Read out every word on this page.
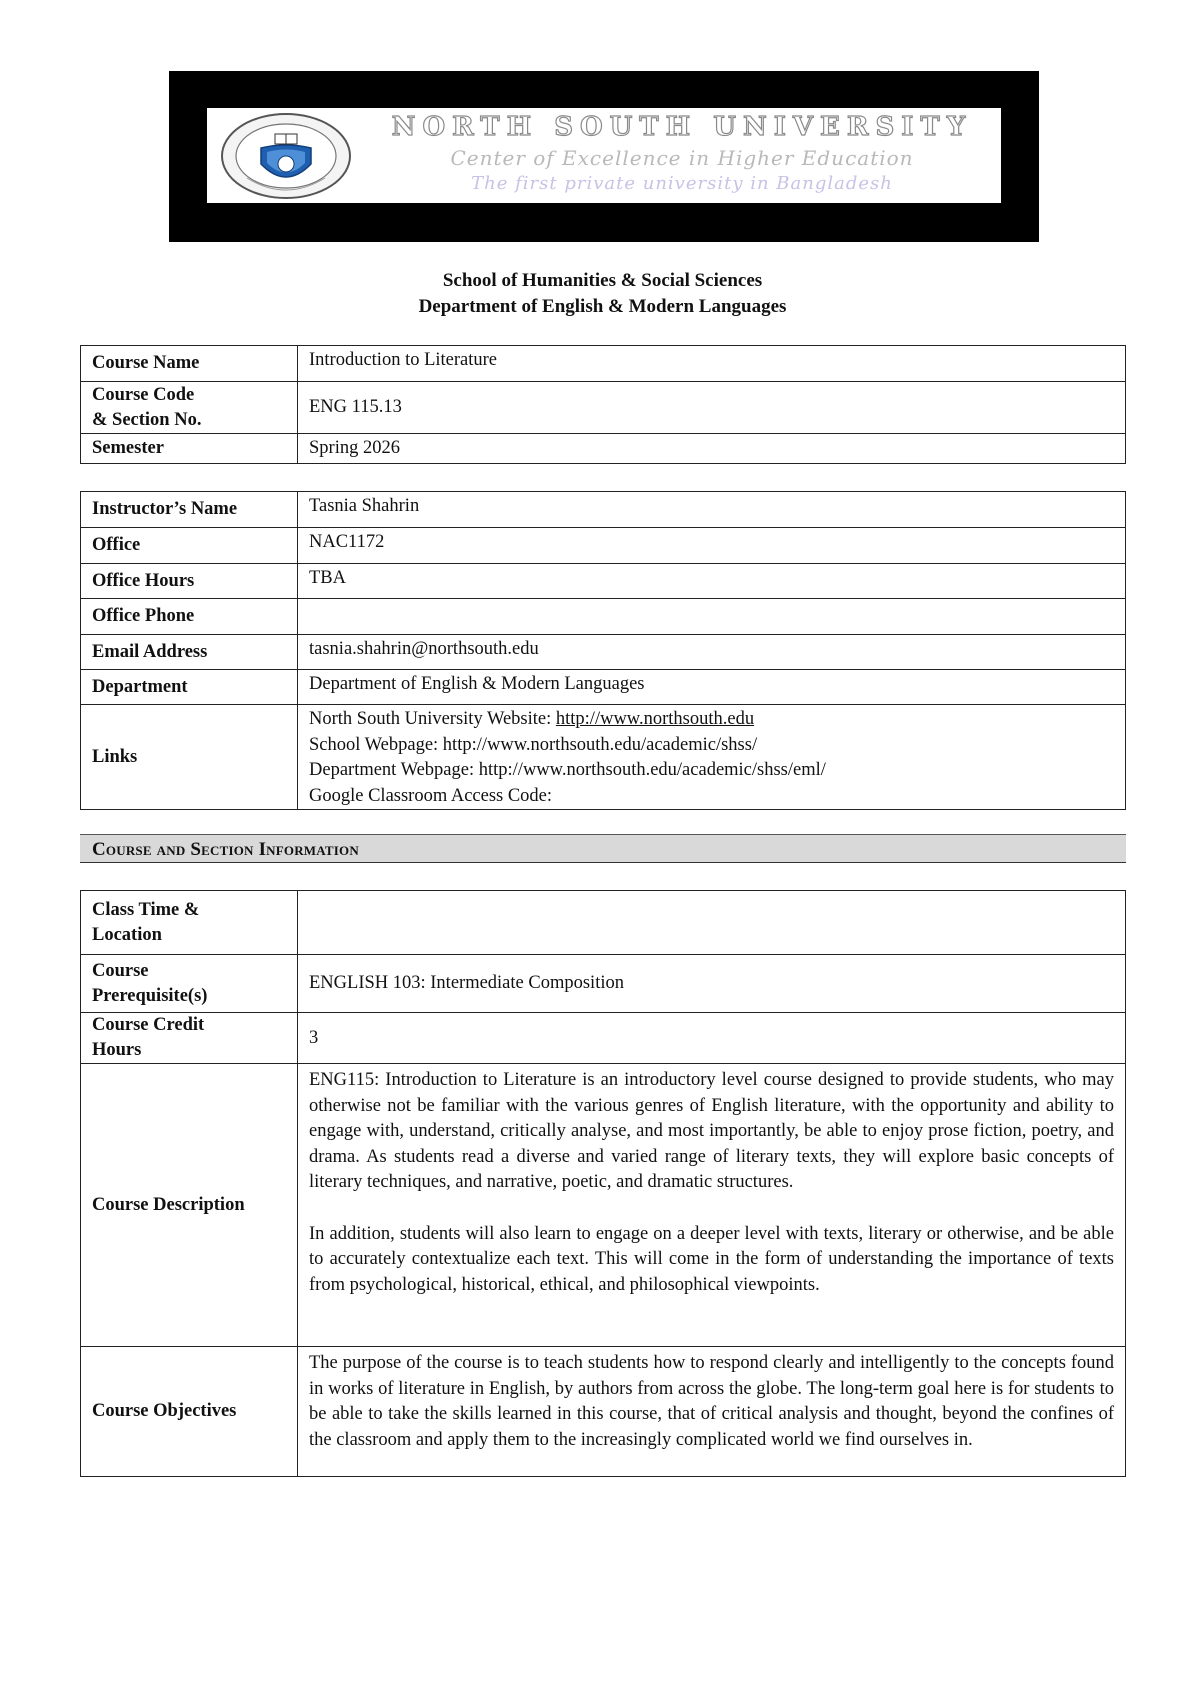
NORTH SOUTH UNIVERSITY
Center of Excellence in Higher Education
The first private university in Bangladesh
School of Humanities & Social Sciences
Department of English & Modern Languages
Course Name	Introduction to Literature

Course Code
& Section No.	ENG 115.13
Semester	Spring 2026
Instructor’s Name	Tasnia Shahrin
Office	NAC1172
Office Hours	TBA
Office Phone	
Email Address	tasnia.shahrin@northsouth.edu
Department	Department of English & Modern Languages
Links	North South University Website: http://www.northsouth.edu
School Webpage: http://www.northsouth.edu/academic/shss/
Department Webpage: http://www.northsouth.edu/academic/shss/eml/
Google Classroom Access Code:
Course and Section Information
Class Time &
Location	

Course
Prerequisite(s)	ENGLISH 103: Intermediate Composition

Course Credit
Hours	3
Course Description	ENG115: Introduction to Literature is an introductory level course designed to provide students, who may otherwise not be familiar with the various genres of English literature, with the opportunity and ability to engage with, understand, critically analyse, and most importantly, be able to enjoy prose fiction, poetry, and drama. As students read a diverse and varied range of literary texts, they will explore basic concepts of literary techniques, and narrative, poetic, and dramatic structures.
In addition, students will also learn to engage on a deeper level with texts, literary or otherwise, and be able to accurately contextualize each text. This will come in the form of understanding the importance of texts from psychological, historical, ethical, and philosophical viewpoints.

Course Objectives	The purpose of the course is to teach students how to respond clearly and intelligently to the concepts found in works of literature in English, by authors from across the globe. The long-term goal here is for students to be able to take the skills learned in this course, that of critical analysis and thought, beyond the confines of the classroom and apply them to the increasingly complicated world we find ourselves in.
